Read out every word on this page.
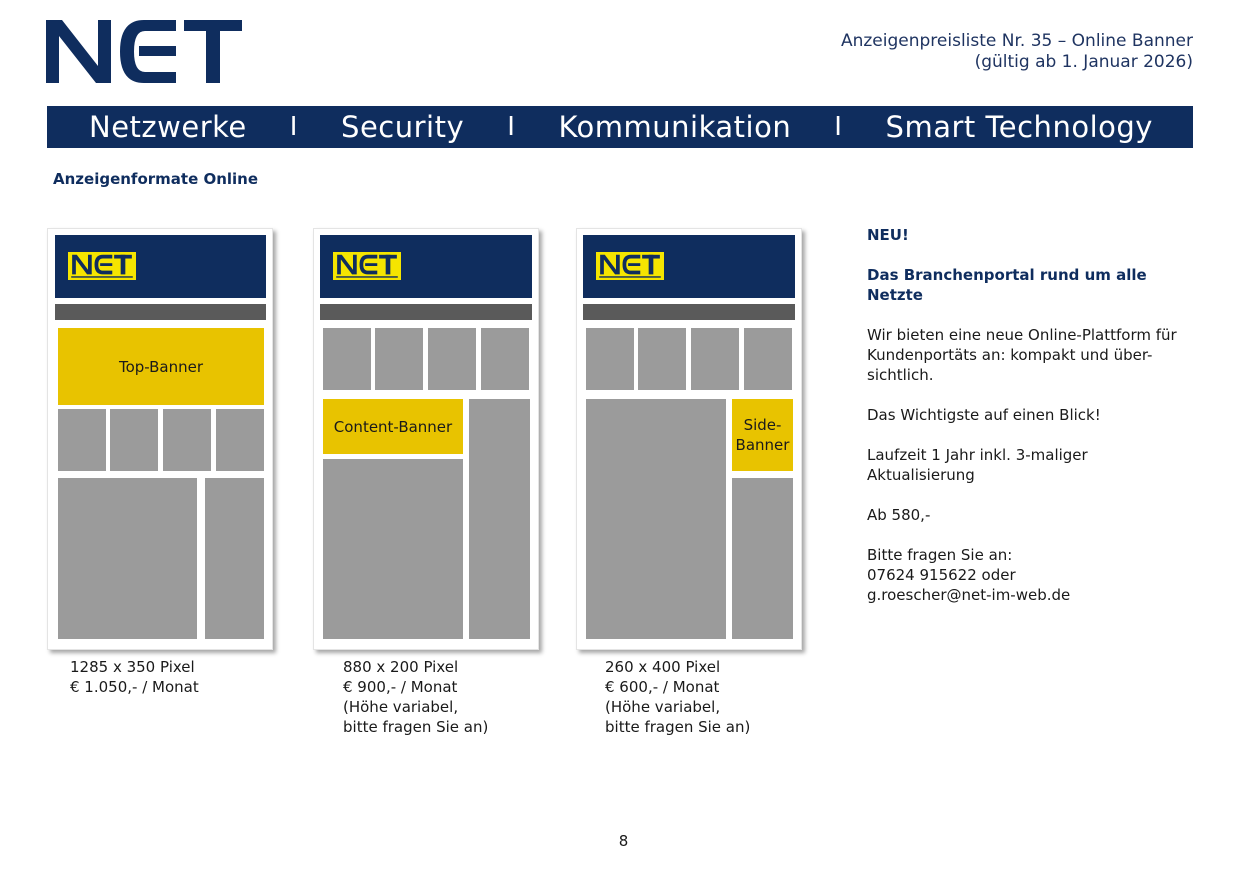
Anzeigenpreisliste Nr. 35 – Online Banner
(gültig ab 1. Januar 2026)
Netzwerke I Security I Kommunikation I Smart Technology
Anzeigenformate Online
Top-Banner
Content-Banner	Side-
Banner
1285 x 350 Pixel
€ 1.050,- / Monat
880 x 200 Pixel
€ 900,- / Monat
(Höhe variabel,
bitte fragen Sie an)
260 x 400 Pixel
€ 600,- / Monat
(Höhe variabel,
bitte fragen Sie an)

NEU!

Das Branchenportal rund um alle
Netzte

Wir bieten eine neue Online-Plattform für
Kundenportäts an: kompakt und über-
sichtlich.

Das Wichtigste auf einen Blick!

Laufzeit 1 Jahr inkl. 3-maliger
Aktualisierung

Ab 580,-

Bitte fragen Sie an:
07624 915622 oder
g.roescher@net-im-web.de

8
